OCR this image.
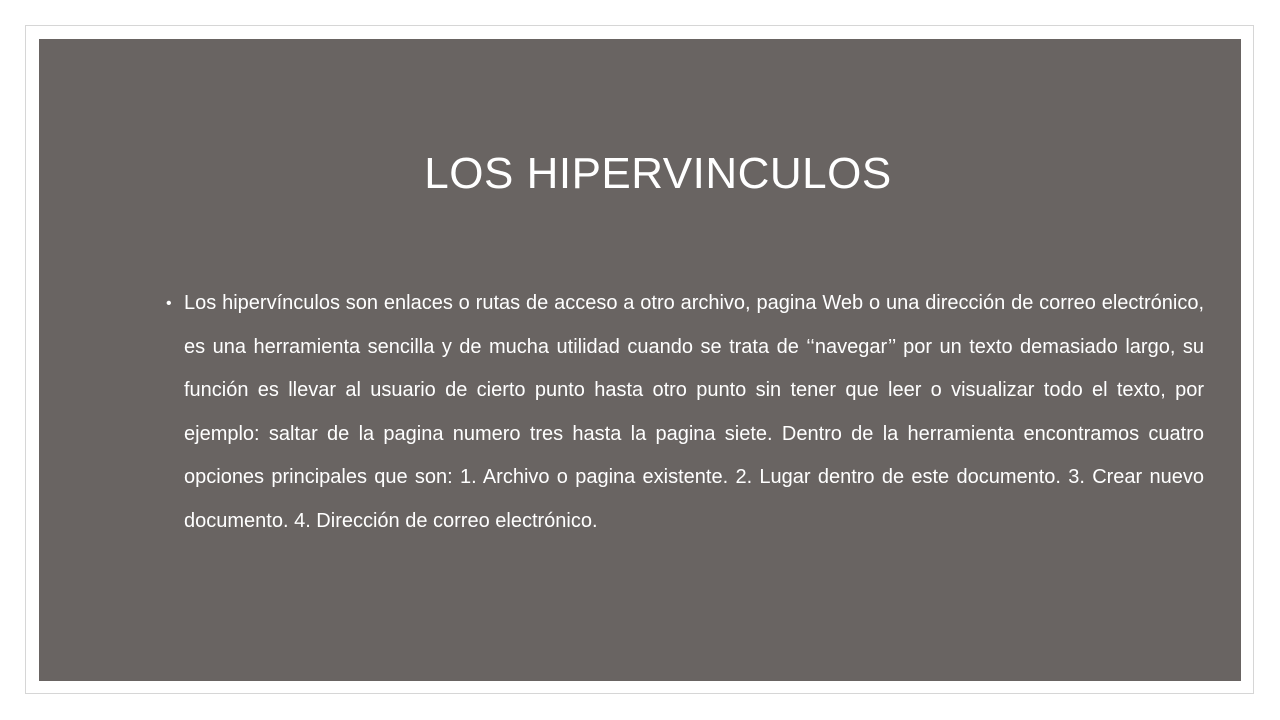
LOS HIPERVINCULOS
• Los hipervínculos son enlaces o rutas de acceso a otro archivo, pagina Web o una dirección de correo electrónico, es una herramienta sencilla y de mucha utilidad cuando se trata de ‘‘navegar’’ por un texto demasiado largo, su función es llevar al usuario de cierto punto hasta otro punto sin tener que leer o visualizar todo el texto, por ejemplo: saltar de la pagina numero tres hasta la pagina siete. Dentro de la herramienta encontramos cuatro opciones principales que son: 1. Archivo o pagina existente. 2. Lugar dentro de este documento. 3. Crear nuevo documento. 4. Dirección de correo electrónico.
